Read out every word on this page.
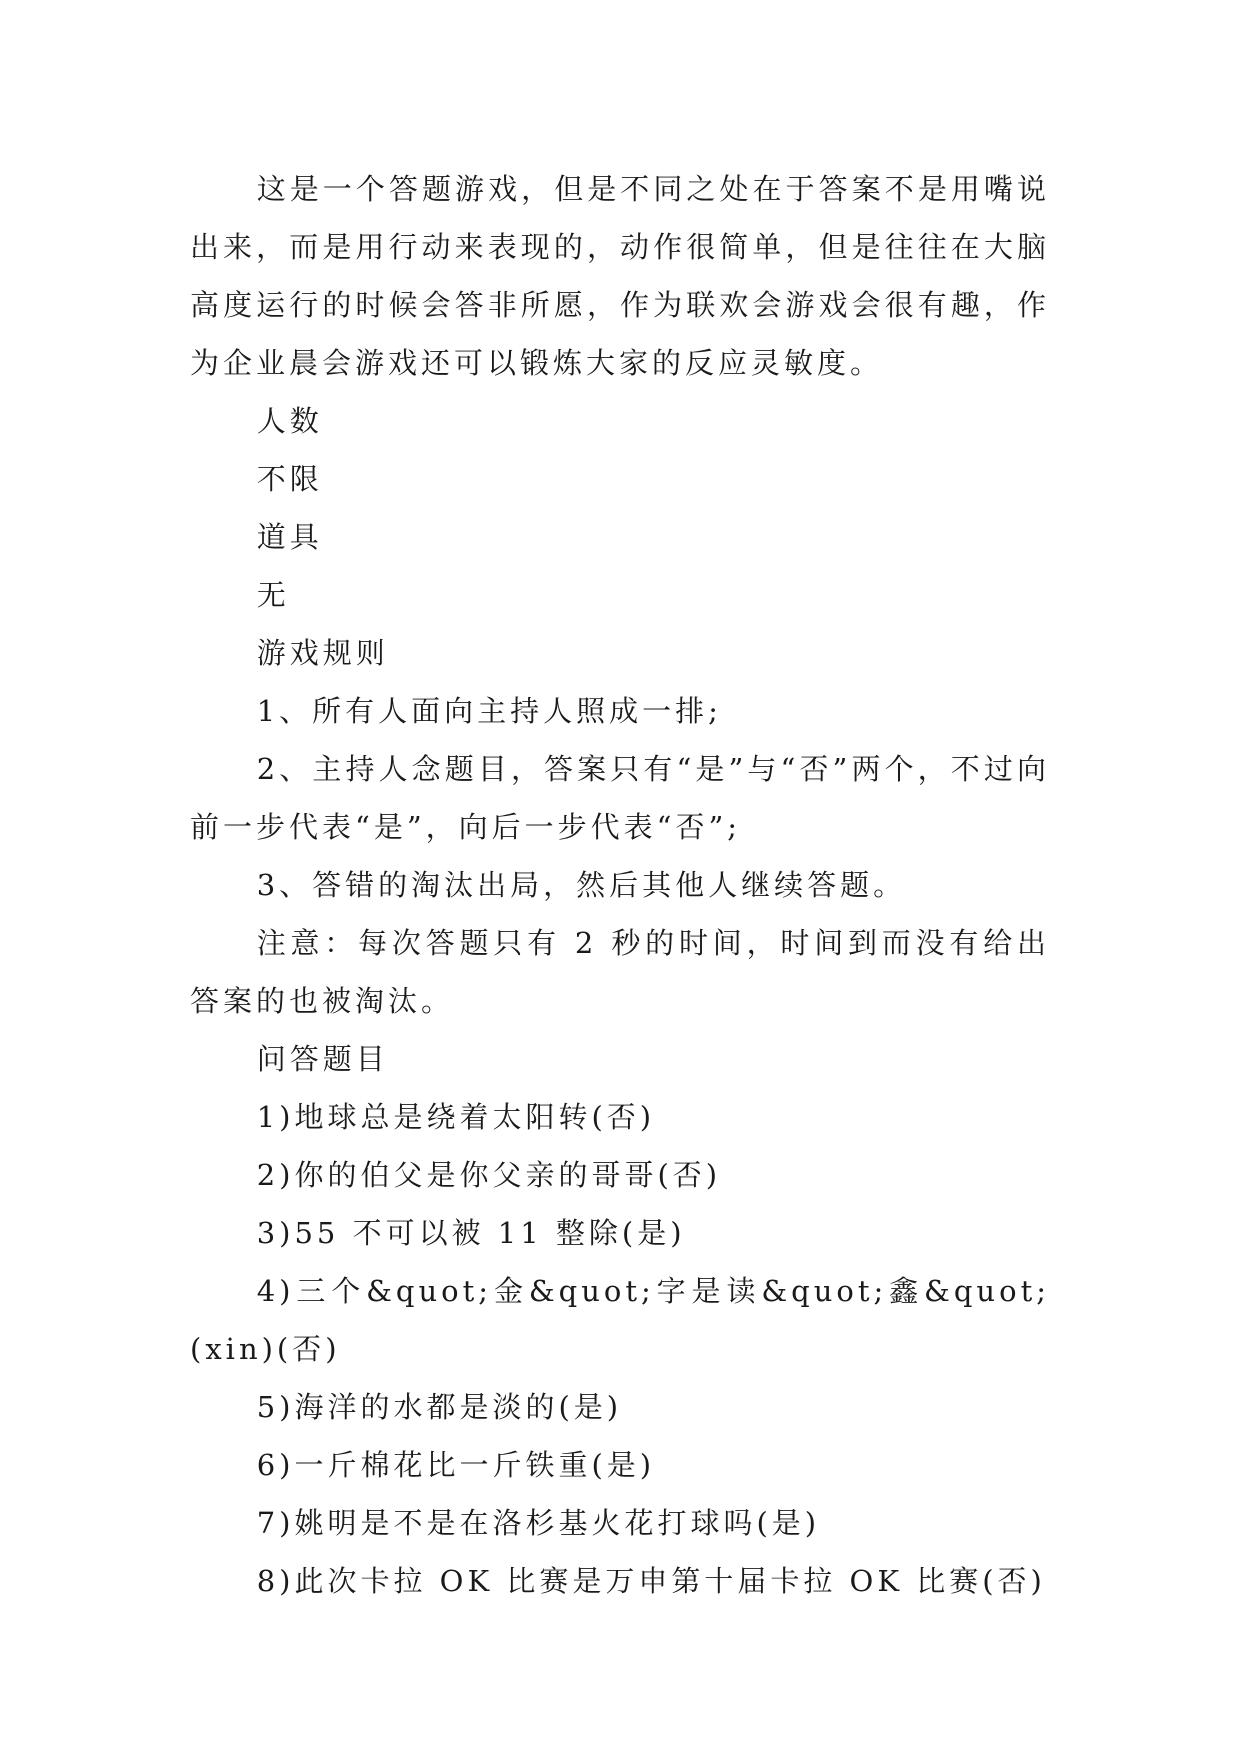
这是一个答题游戏，但是不同之处在于答案不是用嘴说出来，而是用行动来表现的，动作很简单，但是往往在大脑高度运行的时候会答非所愿，作为联欢会游戏会很有趣，作为企业晨会游戏还可以锻炼大家的反应灵敏度。

人数

不限

道具

无

游戏规则

1、所有人面向主持人照成一排;

2、主持人念题目，答案只有“是”与“否”两个，不过向前一步代表“是”，向后一步代表“否”;

3、答错的淘汰出局，然后其他人继续答题。

注意：每次答题只有 2 秒的时间，时间到而没有给出答案的也被淘汰。

问答题目

1)地球总是绕着太阳转(否)

2)你的伯父是你父亲的哥哥(否)

3)55 不可以被 11 整除(是)

4)三个&quot;金&quot;字是读&quot;鑫&quot;(xin)(否)

5)海洋的水都是淡的(是)

6)一斤棉花比一斤铁重(是)

7)姚明是不是在洛杉基火花打球吗(是)

8)此次卡拉 OK 比赛是万申第十届卡拉 OK 比赛(否)
